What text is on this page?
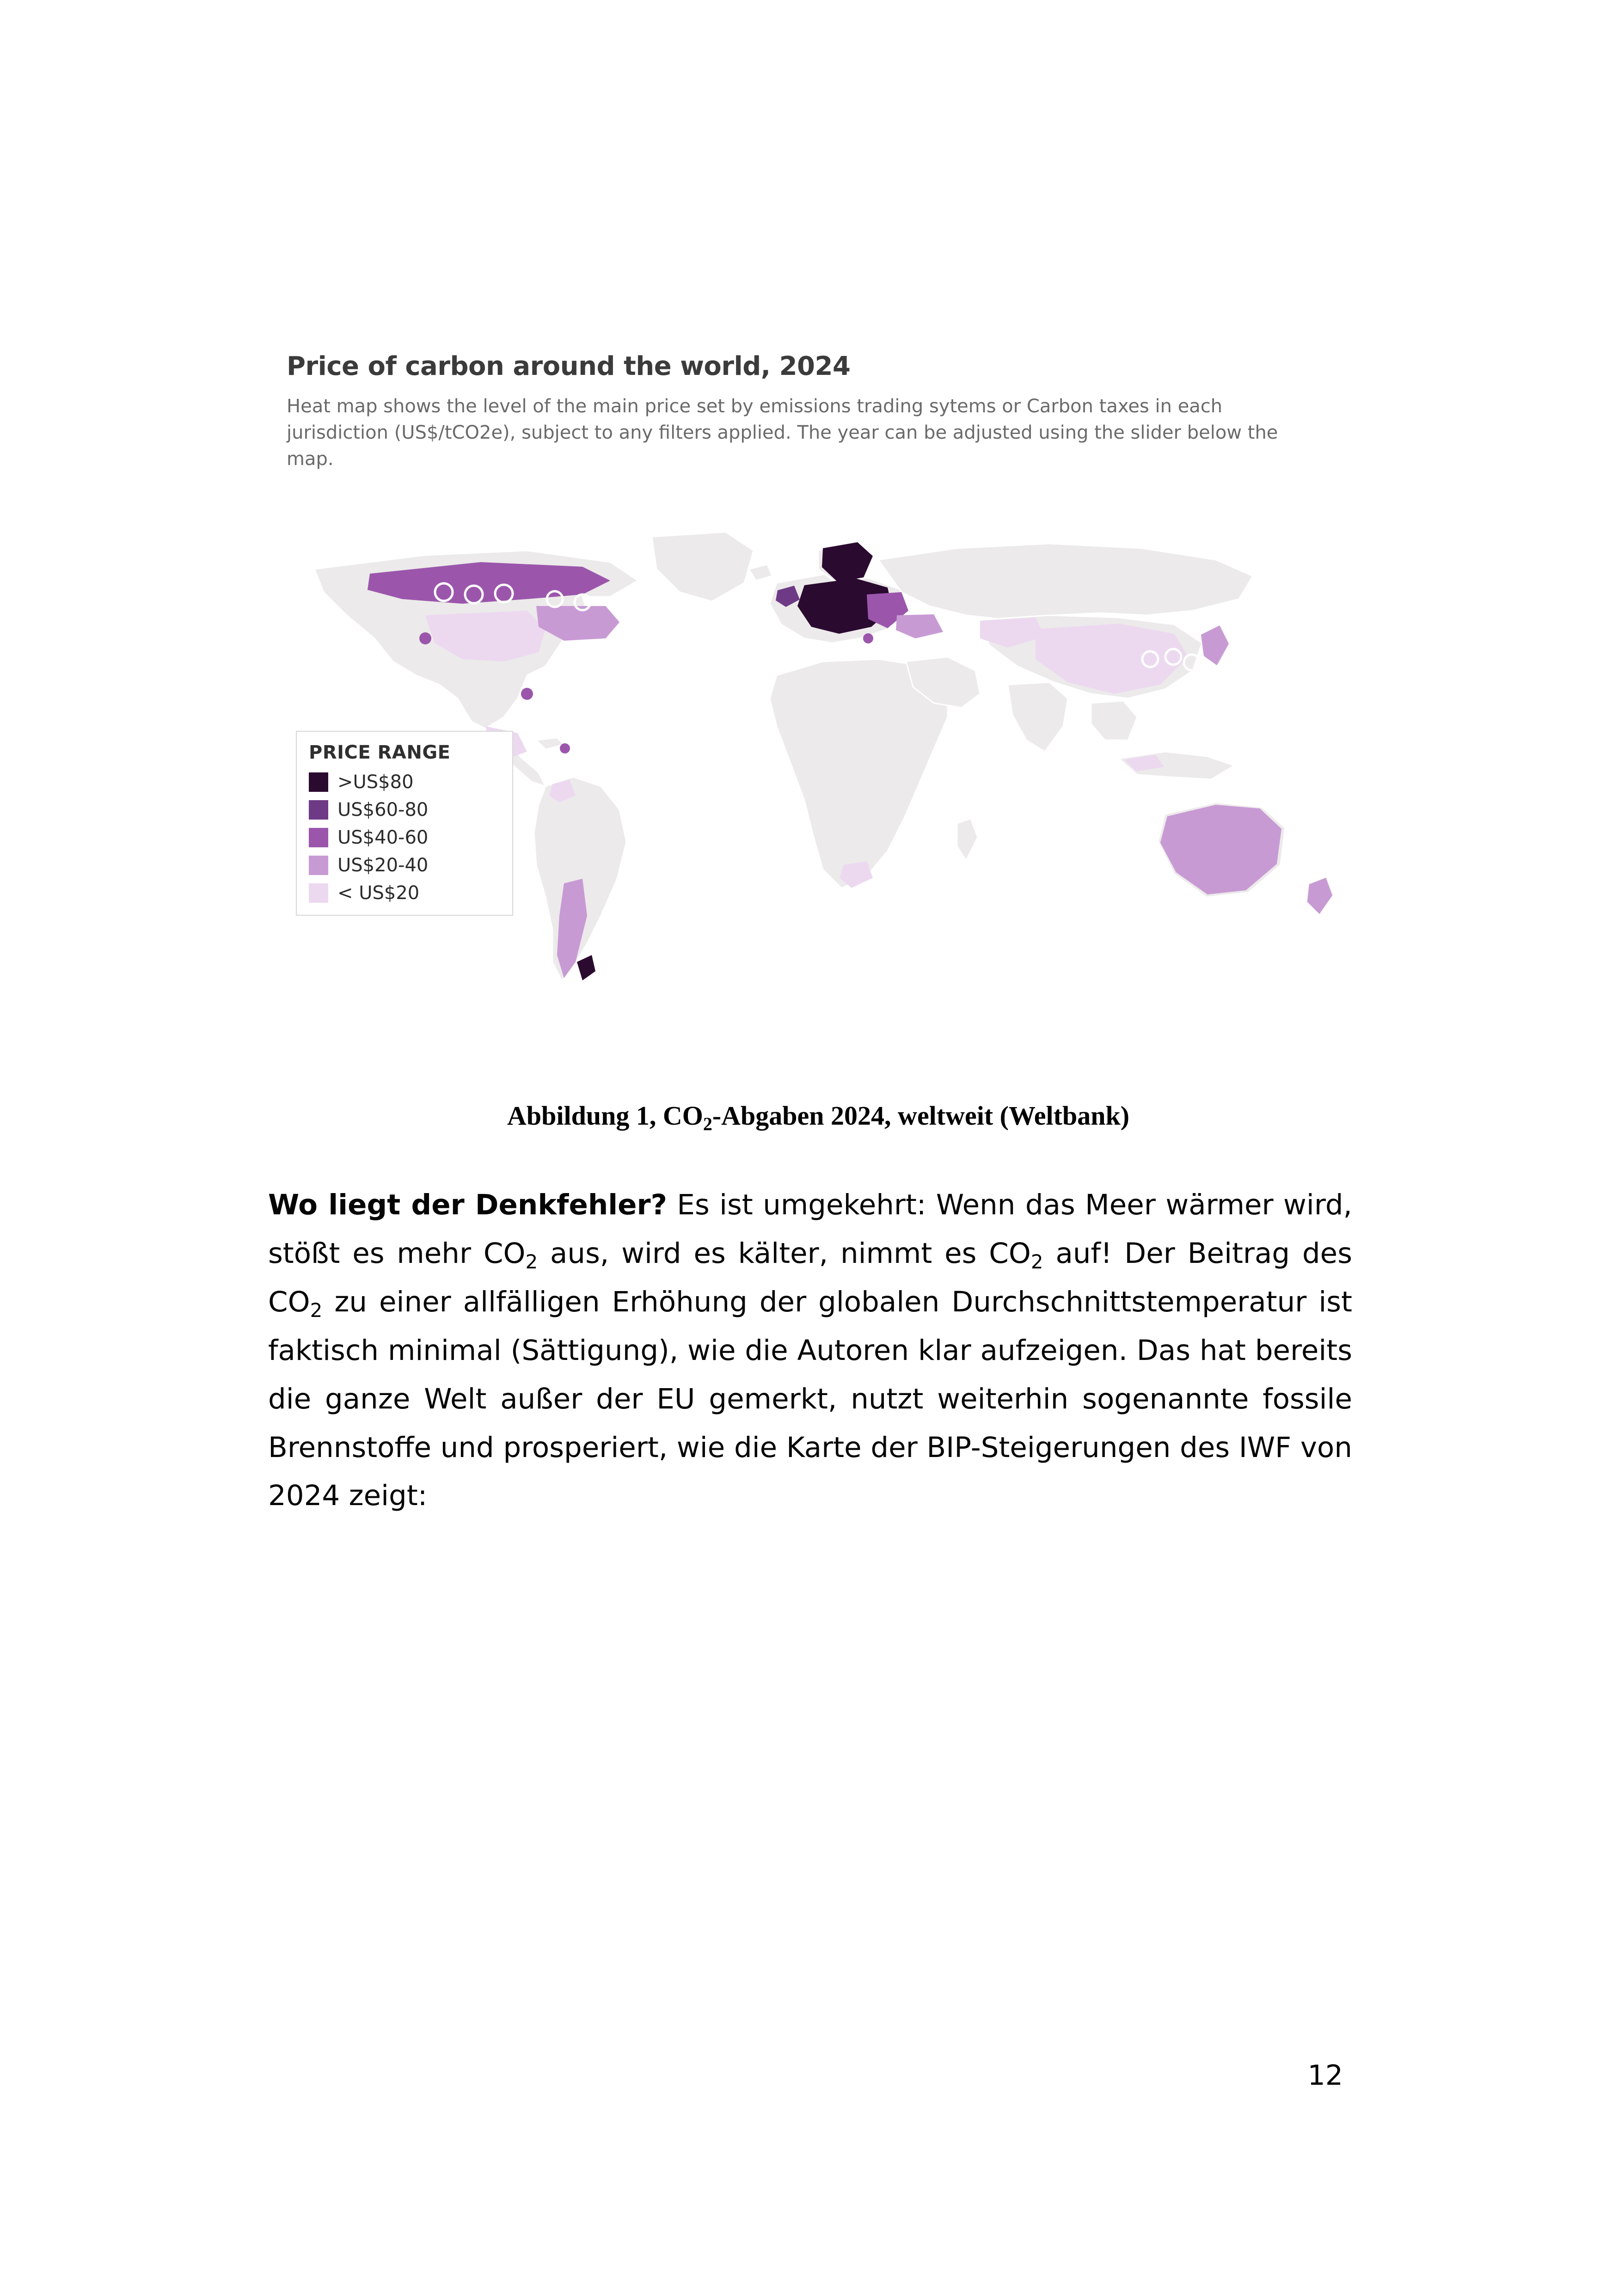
Price of carbon around the world, 2024
Heat map shows the level of the main price set by emissions trading sytems or Carbon taxes in each jurisdiction (US$/tCO2e), subject to any filters applied. The year can be adjusted using the slider below the map.
PRICE RANGE
>US$80
US$60-80
US$40-60
US$20-40
< US$20
Abbildung 1, $CO_2$-Abgaben 2024, weltweit (Weltbank)
Wo liegt der Denkfehler? Es ist umgekehrt: Wenn das Meer wärmer wird, stößt es mehr $CO_2$ aus, wird es kälter, nimmt es $CO_2$ auf! Der Beitrag des $CO_2$ zu einer allfälligen Erhöhung der globalen Durchschnittstemperatur ist faktisch minimal (Sättigung), wie die Autoren klar aufzeigen. Das hat bereits die ganze Welt außer der EU gemerkt, nutzt weiterhin sogenannte fossile Brennstoffe und prosperiert, wie die Karte der BIP-Steigerungen des IWF von 2024 zeigt:
12
